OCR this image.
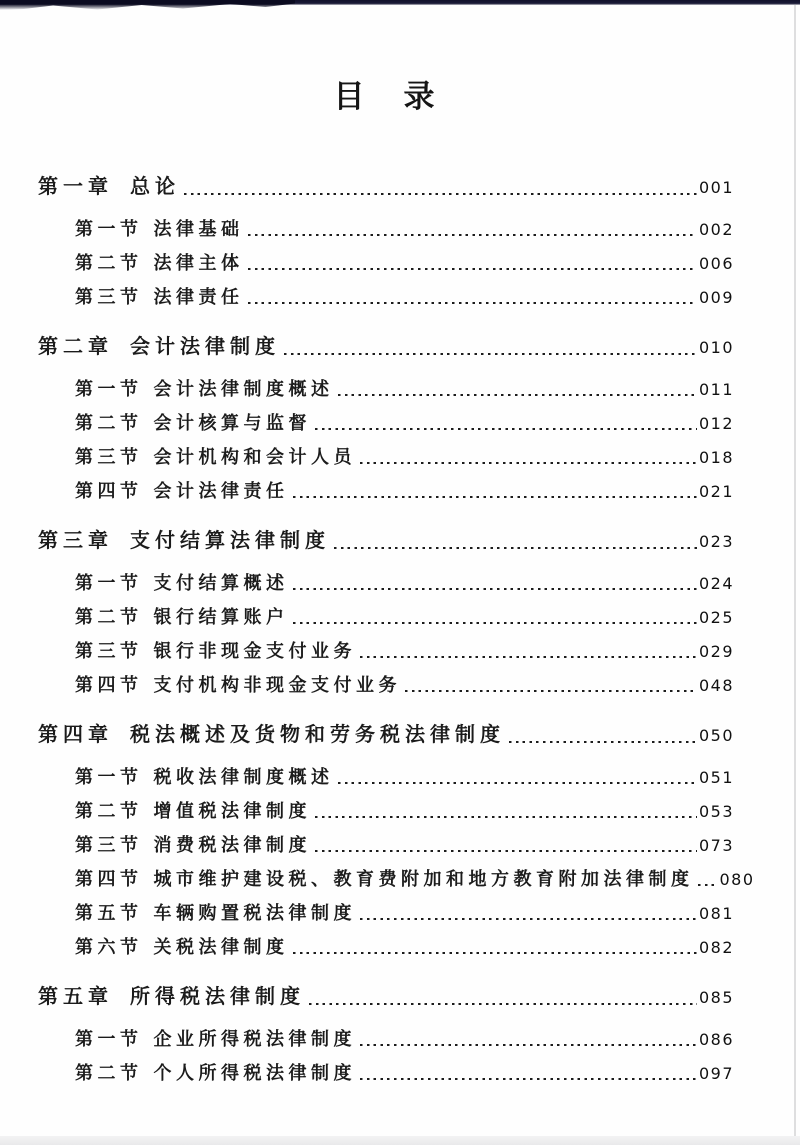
目　录
第一章 总论	001
第一节 法律基础	002
第二节 法律主体	006
第三节 法律责任	009
第二章 会计法律制度	010
第一节 会计法律制度概述	011
第二节 会计核算与监督	012
第三节 会计机构和会计人员	018
第四节 会计法律责任	021
第三章 支付结算法律制度	023
第一节 支付结算概述	024
第二节 银行结算账户	025
第三节 银行非现金支付业务	029
第四节 支付机构非现金支付业务	048
第四章 税法概述及货物和劳务税法律制度	050
第一节 税收法律制度概述	051
第二节 增值税法律制度	053
第三节 消费税法律制度	073
第四节 城市维护建设税、教育费附加和地方教育附加法律制度 080
第五节 车辆购置税法律制度	081
第六节 关税法律制度	082
第五章 所得税法律制度	085
第一节 企业所得税法律制度	086
第二节 个人所得税法律制度	097
